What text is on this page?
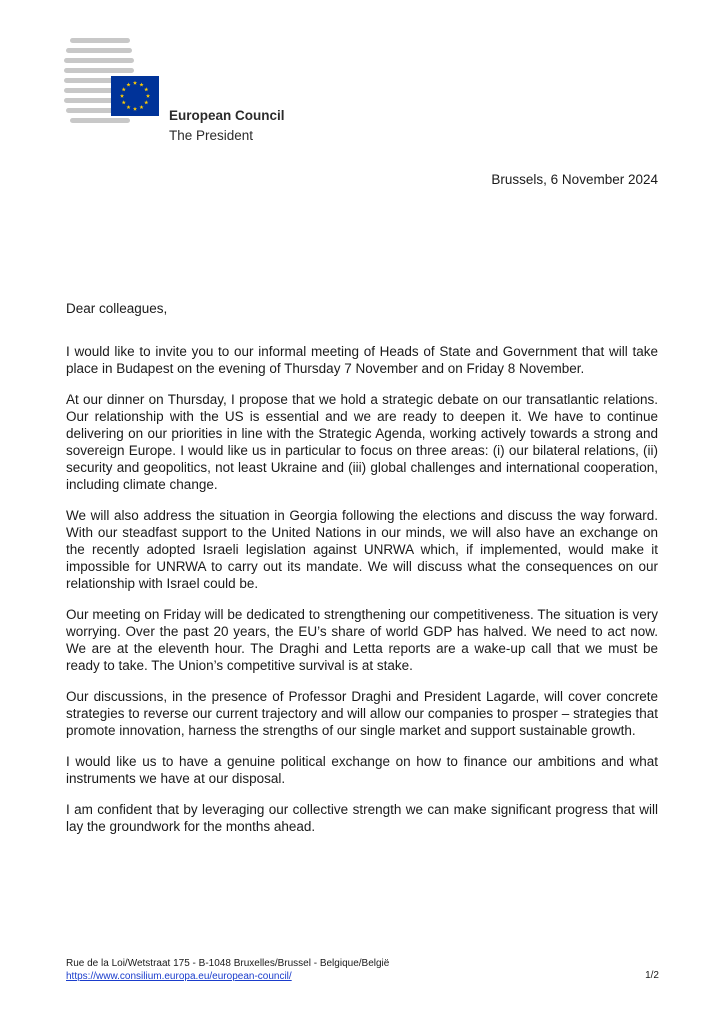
European Council
The President
Brussels, 6 November 2024

Dear colleagues,

I would like to invite you to our informal meeting of Heads of State and Government that will take place in Budapest on the evening of Thursday 7 November and on Friday 8 November.

At our dinner on Thursday, I propose that we hold a strategic debate on our transatlantic relations. Our relationship with the US is essential and we are ready to deepen it. We have to continue delivering on our priorities in line with the Strategic Agenda, working actively towards a strong and sovereign Europe. I would like us in particular to focus on three areas: (i) our bilateral relations, (ii) security and geopolitics, not least Ukraine and (iii) global challenges and international cooperation, including climate change.

We will also address the situation in Georgia following the elections and discuss the way forward. With our steadfast support to the United Nations in our minds, we will also have an exchange on the recently adopted Israeli legislation against UNRWA which, if implemented, would make it impossible for UNRWA to carry out its mandate. We will discuss what the consequences on our relationship with Israel could be.

Our meeting on Friday will be dedicated to strengthening our competitiveness. The situation is very worrying. Over the past 20 years, the EU’s share of world GDP has halved. We need to act now. We are at the eleventh hour. The Draghi and Letta reports are a wake-up call that we must be ready to take. The Union’s competitive survival is at stake.

Our discussions, in the presence of Professor Draghi and President Lagarde, will cover concrete strategies to reverse our current trajectory and will allow our companies to prosper – strategies that promote innovation, harness the strengths of our single market and support sustainable growth.

I would like us to have a genuine political exchange on how to finance our ambitions and what instruments we have at our disposal.

I am confident that by leveraging our collective strength we can make significant progress that will lay the groundwork for the months ahead.

Rue de la Loi/Wetstraat 175 - B-1048 Bruxelles/Brussel - Belgique/België
https://www.consilium.europa.eu/european-council/	1/2
